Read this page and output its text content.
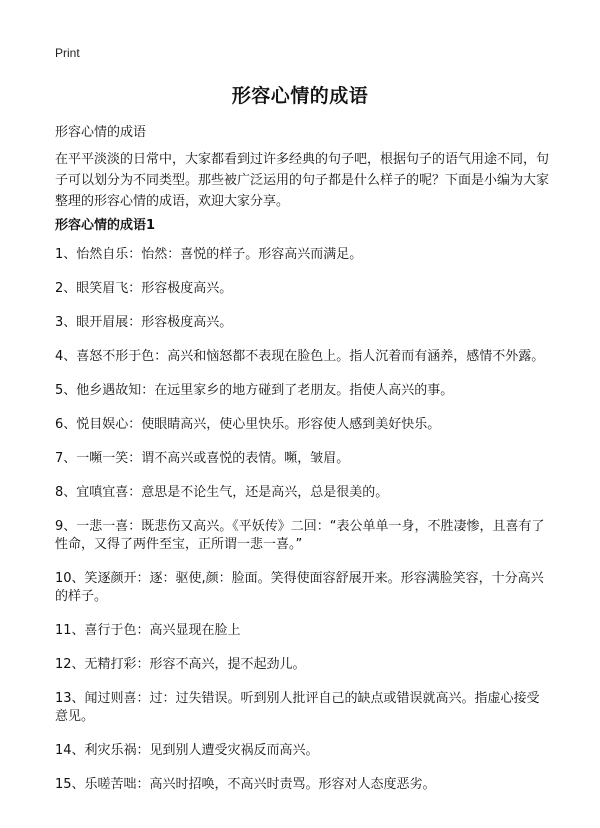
Print
形容心情的成语
形容心情的成语

在平平淡淡的日常中，大家都看到过许多经典的句子吧，根据句子的语气用途不同，句子可以划分为不同类型。那些被广泛运用的句子都是什么样子的呢？下面是小编为大家整理的形容心情的成语，欢迎大家分享。

形容心情的成语1
1、怡然自乐：怡然：喜悦的样子。形容高兴而满足。
2、眼笑眉飞：形容极度高兴。
3、眼开眉展：形容极度高兴。
4、喜怒不形于色：高兴和恼怒都不表现在脸色上。指人沉着而有涵养，感情不外露。
5、他乡遇故知：在远里家乡的地方碰到了老朋友。指使人高兴的事。
6、悦目娱心：使眼睛高兴，使心里快乐。形容使人感到美好快乐。
7、一嚬一笑：谓不高兴或喜悦的表情。嚬，皱眉。
8、宜嗔宜喜：意思是不论生气，还是高兴，总是很美的。
9、一悲一喜：既悲伤又高兴。《平妖传》二回：“表公单单一身，不胜凄惨，且喜有了性命，又得了两件至宝，正所谓一悲一喜。”
10、笑逐颜开：逐：驱使,颜：脸面。笑得使面容舒展开来。形容满脸笑容，十分高兴的样子。
11、喜行于色：高兴显现在脸上
12、无精打彩：形容不高兴，提不起劲儿。
13、闻过则喜：过：过失错误。听到别人批评自己的缺点或错误就高兴。指虚心接受意见。
14、利灾乐祸：见到别人遭受灾祸反而高兴。
15、乐嗟苦咄：高兴时招唤，不高兴时责骂。形容对人态度恶劣。
